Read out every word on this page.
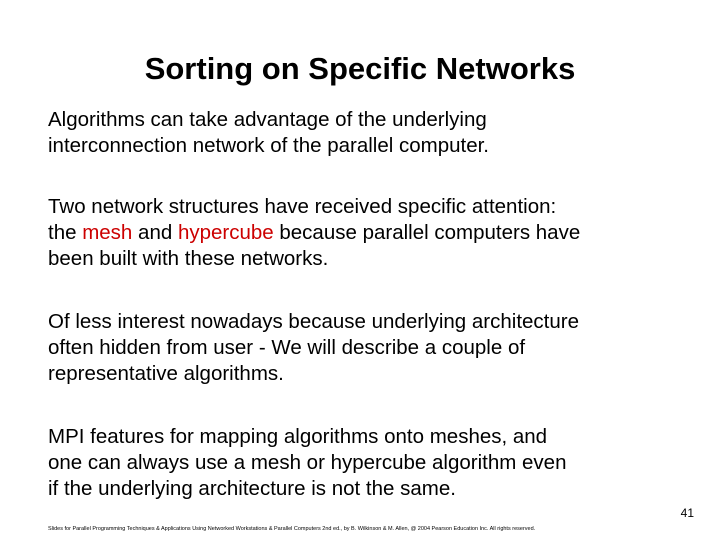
Sorting on Specific Networks
Algorithms can take advantage of the underlying
interconnection network of the parallel computer.
Two network structures have received specific attention:
the mesh and hypercube because parallel computers have
been built with these networks.
Of less interest nowadays because underlying architecture
often hidden from user - We will describe a couple of
representative algorithms.
MPI features for mapping algorithms onto meshes, and
one can always use a mesh or hypercube algorithm even
if the underlying architecture is not the same.
41
Slides for Parallel Programming Techniques & Applications Using Networked Workstations & Parallel Computers 2nd ed., by B. Wilkinson & M. Allen, @ 2004 Pearson Education Inc. All rights reserved.
